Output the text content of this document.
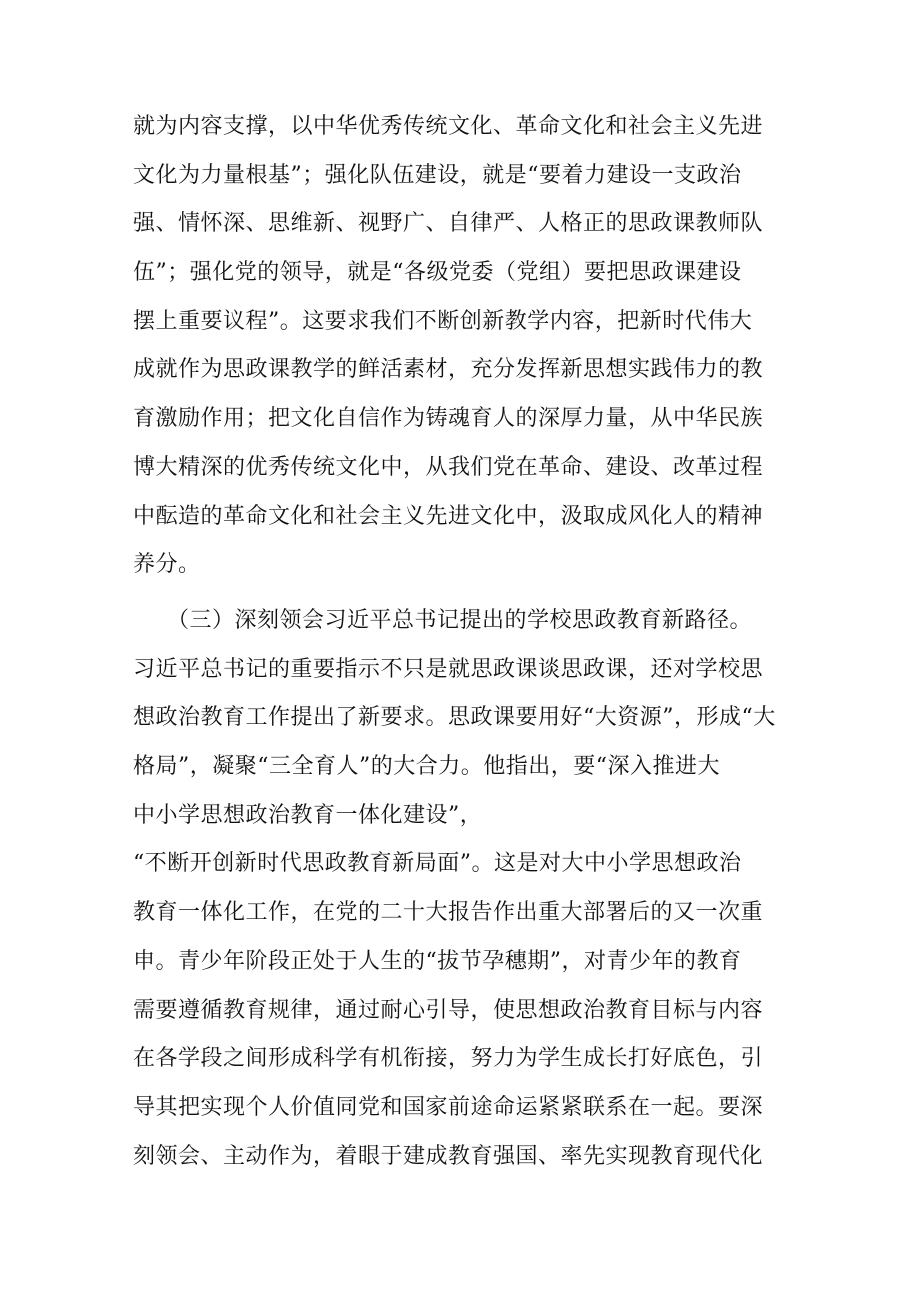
就为内容支撑，以中华优秀传统文化、革命文化和社会主义先进
文化为力量根基”；强化队伍建设，就是“要着力建设一支政治
强、情怀深、思维新、视野广、自律严、人格正的思政课教师队
伍”；强化党的领导，就是“各级党委（党组）要把思政课建设
摆上重要议程”。这要求我们不断创新教学内容，把新时代伟大
成就作为思政课教学的鲜活素材，充分发挥新思想实践伟力的教
育激励作用；把文化自信作为铸魂育人的深厚力量，从中华民族
博大精深的优秀传统文化中，从我们党在革命、建设、改革过程
中酝造的革命文化和社会主义先进文化中，汲取成风化人的精神
养分。
　　（三）深刻领会习近平总书记提出的学校思政教育新路径。
习近平总书记的重要指示不只是就思政课谈思政课，还对学校思
想政治教育工作提出了新要求。思政课要用好“大资源”，形成“大
格局”，凝聚“三全育人”的大合力。他指出，要“深入推进大
中小学思想政治教育一体化建设”，
“不断开创新时代思政教育新局面”。这是对大中小学思想政治
教育一体化工作，在党的二十大报告作出重大部署后的又一次重
申。青少年阶段正处于人生的“拔节孕穗期”，对青少年的教育
需要遵循教育规律，通过耐心引导，使思想政治教育目标与内容
在各学段之间形成科学有机衔接，努力为学生成长打好底色，引
导其把实现个人价值同党和国家前途命运紧紧联系在一起。要深
刻领会、主动作为，着眼于建成教育强国、率先实现教育现代化
